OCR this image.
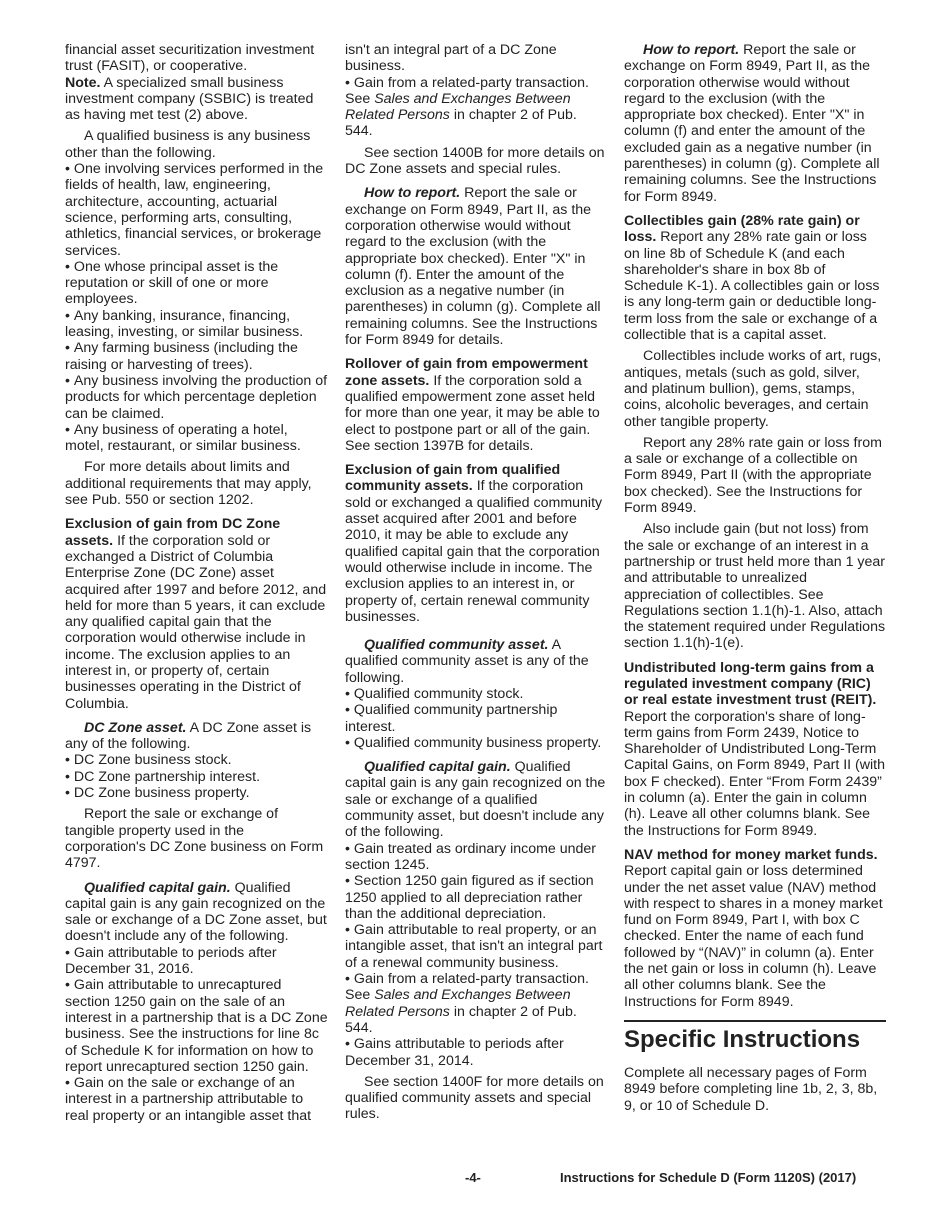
financial asset securitization investment trust (FASIT), or cooperative.

Note. A specialized small business investment company (SSBIC) is treated as having met test (2) above.

A qualified business is any business other than the following.

• One involving services performed in the fields of health, law, engineering, architecture, accounting, actuarial science, performing arts, consulting, athletics, financial services, or brokerage services.
• One whose principal asset is the reputation or skill of one or more employees.
• Any banking, insurance, financing, leasing, investing, or similar business.
• Any farming business (including the raising or harvesting of trees).
• Any business involving the production of products for which percentage depletion can be claimed.
• Any business of operating a hotel, motel, restaurant, or similar business.

For more details about limits and additional requirements that may apply, see Pub. 550 or section 1202.

Exclusion of gain from DC Zone assets. If the corporation sold or exchanged a District of Columbia Enterprise Zone (DC Zone) asset acquired after 1997 and before 2012, and held for more than 5 years, it can exclude any qualified capital gain that the corporation would otherwise include in income. The exclusion applies to an interest in, or property of, certain businesses operating in the District of Columbia.

DC Zone asset. A DC Zone asset is any of the following.

• DC Zone business stock.
• DC Zone partnership interest.
• DC Zone business property.

Report the sale or exchange of tangible property used in the corporation's DC Zone business on Form 4797.

Qualified capital gain. Qualified capital gain is any gain recognized on the sale or exchange of a DC Zone asset, but doesn't include any of the following.

• Gain attributable to periods after December 31, 2016.
• Gain attributable to unrecaptured section 1250 gain on the sale of an interest in a partnership that is a DC Zone business. See the instructions for line 8c of Schedule K for information on how to report unrecaptured section 1250 gain.
• Gain on the sale or exchange of an interest in a partnership attributable to real property or an intangible asset that

isn't an integral part of a DC Zone business.

• Gain from a related-party transaction. See Sales and Exchanges Between Related Persons in chapter 2 of Pub. 544.

See section 1400B for more details on DC Zone assets and special rules.

How to report. Report the sale or exchange on Form 8949, Part II, as the corporation otherwise would without regard to the exclusion (with the appropriate box checked). Enter "X" in column (f). Enter the amount of the exclusion as a negative number (in parentheses) in column (g). Complete all remaining columns. See the Instructions for Form 8949 for details.

Rollover of gain from empowerment zone assets. If the corporation sold a qualified empowerment zone asset held for more than one year, it may be able to elect to postpone part or all of the gain. See section 1397B for details.

Exclusion of gain from qualified community assets. If the corporation sold or exchanged a qualified community asset acquired after 2001 and before 2010, it may be able to exclude any qualified capital gain that the corporation would otherwise include in income. The exclusion applies to an interest in, or property of, certain renewal community businesses.

Qualified community asset. A qualified community asset is any of the following.

• Qualified community stock.
• Qualified community partnership interest.
• Qualified community business property.

Qualified capital gain. Qualified capital gain is any gain recognized on the sale or exchange of a qualified community asset, but doesn't include any of the following.

• Gain treated as ordinary income under section 1245.
• Section 1250 gain figured as if section 1250 applied to all depreciation rather than the additional depreciation.
• Gain attributable to real property, or an intangible asset, that isn't an integral part of a renewal community business.
• Gain from a related-party transaction. See Sales and Exchanges Between Related Persons in chapter 2 of Pub. 544.
• Gains attributable to periods after December 31, 2014.

See section 1400F for more details on qualified community assets and special rules.

How to report. Report the sale or exchange on Form 8949, Part II, as the corporation otherwise would without regard to the exclusion (with the appropriate box checked). Enter "X" in column (f) and enter the amount of the excluded gain as a negative number (in parentheses) in column (g). Complete all remaining columns. See the Instructions for Form 8949.

Collectibles gain (28% rate gain) or loss. Report any 28% rate gain or loss on line 8b of Schedule K (and each shareholder's share in box 8b of Schedule K-1). A collectibles gain or loss is any long-term gain or deductible long-term loss from the sale or exchange of a collectible that is a capital asset.

Collectibles include works of art, rugs, antiques, metals (such as gold, silver, and platinum bullion), gems, stamps, coins, alcoholic beverages, and certain other tangible property.

Report any 28% rate gain or loss from a sale or exchange of a collectible on Form 8949, Part II (with the appropriate box checked). See the Instructions for Form 8949.

Also include gain (but not loss) from the sale or exchange of an interest in a partnership or trust held more than 1 year and attributable to unrealized appreciation of collectibles. See Regulations section 1.1(h)-1. Also, attach the statement required under Regulations section 1.1(h)-1(e).

Undistributed long-term gains from a regulated investment company (RIC) or real estate investment trust (REIT). Report the corporation's share of long-term gains from Form 2439, Notice to Shareholder of Undistributed Long-Term Capital Gains, on Form 8949, Part II (with box F checked). Enter “From Form 2439” in column (a). Enter the gain in column (h). Leave all other columns blank. See the Instructions for Form 8949.

NAV method for money market funds. Report capital gain or loss determined under the net asset value (NAV) method with respect to shares in a money market fund on Form 8949, Part I, with box C checked. Enter the name of each fund followed by “(NAV)” in column (a). Enter the net gain or loss in column (h). Leave all other columns blank. See the Instructions for Form 8949.

Specific Instructions

Complete all necessary pages of Form 8949 before completing line 1b, 2, 3, 8b, 9, or 10 of Schedule D.

-4-	Instructions for Schedule D (Form 1120S) (2017)
